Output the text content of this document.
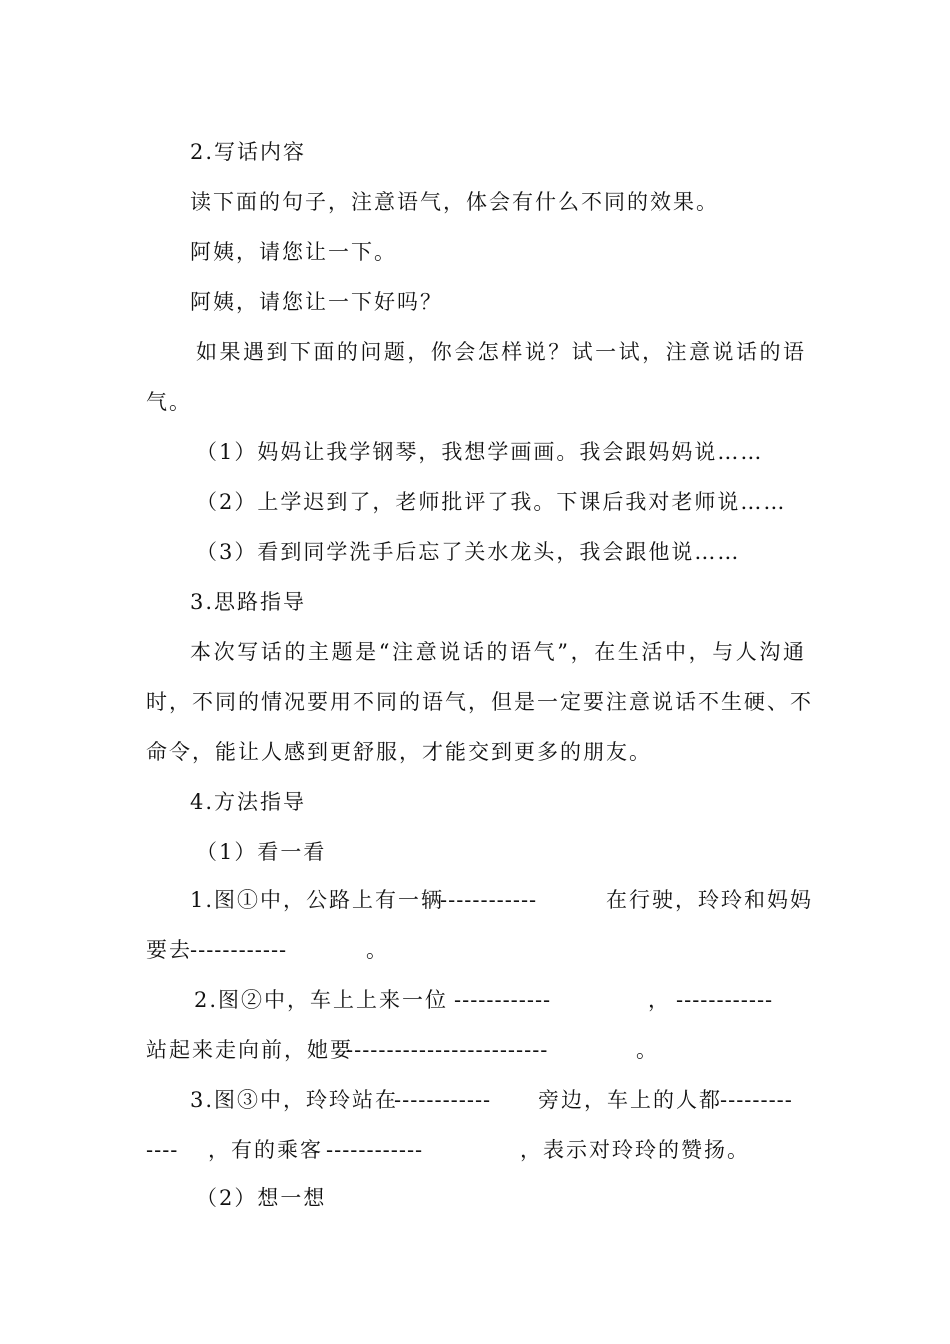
2.写话内容
读下面的句子，注意语气，体会有什么不同的效果。
阿姨，请您让一下。
阿姨，请您让一下好吗？
如果遇到下面的问题，你会怎样说？试一试，注意说话的语
气。
（1）妈妈让我学钢琴，我想学画画。我会跟妈妈说……
（2）上学迟到了，老师批评了我。下课后我对老师说……
（3）看到同学洗手后忘了关水龙头，我会跟他说……
3.思路指导
本次写话的主题是“注意说话的语气”，在生活中，与人沟通
时，不同的情况要用不同的语气，但是一定要注意说话不生硬、不
命令，能让人感到更舒服，才能交到更多的朋友。
4.方法指导
（1）看一看
1.图①中，公路上有一辆
------------	在行驶，玲玲和妈妈
要去
------------	。
2.图②中，车上上来一位 ------------	， ------------
站起来走向前，她要
-------------------------	。
3.图③中，玲玲站在
------------ 旁边，车上的人都
---------
---- ，有的乘客 ------------	，表示对玲玲的赞扬。
（2）想一想
